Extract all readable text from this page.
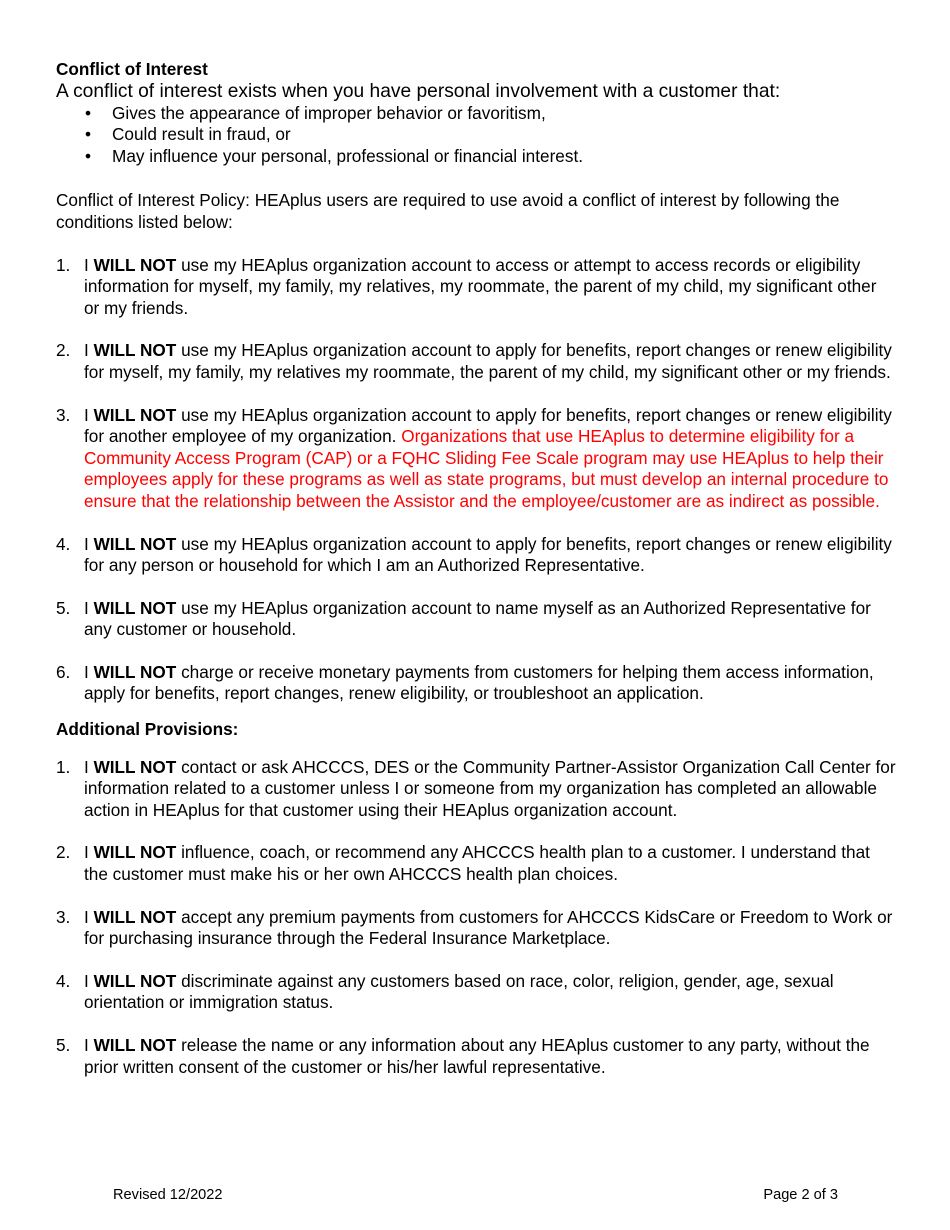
Conflict of Interest
A conflict of interest exists when you have personal involvement with a customer that:
• Gives the appearance of improper behavior or favoritism,
• Could result in fraud, or
• May influence your personal, professional or financial interest.
Conflict of Interest Policy: HEAplus users are required to use avoid a conflict of interest by following the conditions listed below:
1. I WILL NOT use my HEAplus organization account to access or attempt to access records or eligibility information for myself, my family, my relatives, my roommate, the parent of my child, my significant other or my friends.
2. I WILL NOT use my HEAplus organization account to apply for benefits, report changes or renew eligibility for myself, my family, my relatives my roommate, the parent of my child, my significant other or my friends.
3. I WILL NOT use my HEAplus organization account to apply for benefits, report changes or renew eligibility for another employee of my organization. Organizations that use HEAplus to determine eligibility for a Community Access Program (CAP) or a FQHC Sliding Fee Scale program may use HEAplus to help their employees apply for these programs as well as state programs, but must develop an internal procedure to ensure that the relationship between the Assistor and the employee/customer are as indirect as possible.
4. I WILL NOT use my HEAplus organization account to apply for benefits, report changes or renew eligibility for any person or household for which I am an Authorized Representative.
5. I WILL NOT use my HEAplus organization account to name myself as an Authorized Representative for any customer or household.
6. I WILL NOT charge or receive monetary payments from customers for helping them access information, apply for benefits, report changes, renew eligibility, or troubleshoot an application.
Additional Provisions:
1. I WILL NOT contact or ask AHCCCS, DES or the Community Partner-Assistor Organization Call Center for information related to a customer unless I or someone from my organization has completed an allowable action in HEAplus for that customer using their HEAplus organization account.
2. I WILL NOT influence, coach, or recommend any AHCCCS health plan to a customer. I understand that the customer must make his or her own AHCCCS health plan choices.
3. I WILL NOT accept any premium payments from customers for AHCCCS KidsCare or Freedom to Work or for purchasing insurance through the Federal Insurance Marketplace.
4. I WILL NOT discriminate against any customers based on race, color, religion, gender, age, sexual orientation or immigration status.
5. I WILL NOT release the name or any information about any HEAplus customer to any party, without the prior written consent of the customer or his/her lawful representative.
Revised 12/2022	Page 2 of 3
